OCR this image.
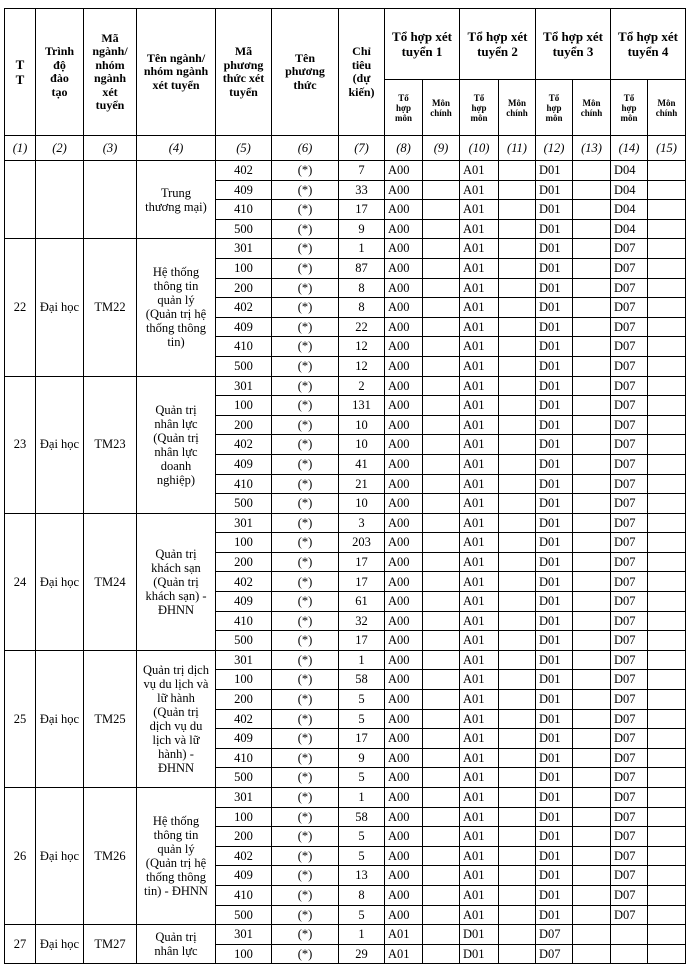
T T	Trình độ đào tạo	Mã ngành/ nhóm ngành xét tuyển	Tên ngành/ nhóm ngành xét tuyển	Mã phương thức xét tuyển	Tên phương thức	Chỉ tiêu (dự kiến)	Tổ hợp xét tuyển 1		Tổ hợp xét tuyển 2		Tổ hợp xét tuyển 3		Tổ hợp xét tuyển 4	

							Tổ hợp môn	Môn chính	Tổ hợp môn	Môn chính	Tổ hợp môn	Môn chính	Tổ hợp môn	Môn chính
(1)	(2)	(3)	(4)	(5)	(6)	(7)	(8)	(9)	(10)	(11)	(12)	(13)	(14)	(15)

			Trung thương mại)	402	(*)	7	A00		A01		D01		D04	
				409	(*)	33	A00		A01		D01		D04	
				410	(*)	17	A00		A01		D01		D04	
				500	(*)	9	A00		A01		D01		D04	
22	Đại học	TM22	Hệ thống thông tin quản lý (Quản trị hệ thống thông tin)	301	(*)	1	A00		A01		D01		D07	
				100	(*)	87	A00		A01		D01		D07	
				200	(*)	8	A00		A01		D01		D07	
				402	(*)	8	A00		A01		D01		D07	
				409	(*)	22	A00		A01		D01		D07	
				410	(*)	12	A00		A01		D01		D07	
				500	(*)	12	A00		A01		D01		D07	
23	Đại học	TM23	Quản trị nhân lực (Quản trị nhân lực doanh nghiệp)	301	(*)	2	A00		A01		D01		D07	
				100	(*)	131	A00		A01		D01		D07	
				200	(*)	10	A00		A01		D01		D07	
				402	(*)	10	A00		A01		D01		D07	
				409	(*)	41	A00		A01		D01		D07	
				410	(*)	21	A00		A01		D01		D07	
				500	(*)	10	A00		A01		D01		D07	
24	Đại học	TM24	Quản trị khách sạn (Quản trị khách sạn) - ĐHNN	301	(*)	3	A00		A01		D01		D07	
				100	(*)	203	A00		A01		D01		D07	
				200	(*)	17	A00		A01		D01		D07	
				402	(*)	17	A00		A01		D01		D07	
				409	(*)	61	A00		A01		D01		D07	
				410	(*)	32	A00		A01		D01		D07	
				500	(*)	17	A00		A01		D01		D07	
25	Đại học	TM25	Quản trị dịch vụ du lịch và lữ hành (Quản trị dịch vụ du lịch và lữ hành) - ĐHNN	301	(*)	1	A00		A01		D01		D07	
				100	(*)	58	A00		A01		D01		D07	
				200	(*)	5	A00		A01		D01		D07	
				402	(*)	5	A00		A01		D01		D07	
				409	(*)	17	A00		A01		D01		D07	
				410	(*)	9	A00		A01		D01		D07	
				500	(*)	5	A00		A01		D01		D07	
26	Đại học	TM26	Hệ thống thông tin quản lý (Quản trị hệ thống thông tin) - ĐHNN	301	(*)	1	A00		A01		D01		D07	
				100	(*)	58	A00		A01		D01		D07	
				200	(*)	5	A00		A01		D01		D07	
				402	(*)	5	A00		A01		D01		D07	
				409	(*)	13	A00		A01		D01		D07	
				410	(*)	8	A00		A01		D01		D07	
				500	(*)	5	A00		A01		D01		D07	
27	Đại học	TM27	Quản trị nhân lực	301	(*)	1	A01		D01		D07			
				100	(*)	29	A01		D01		D07			
